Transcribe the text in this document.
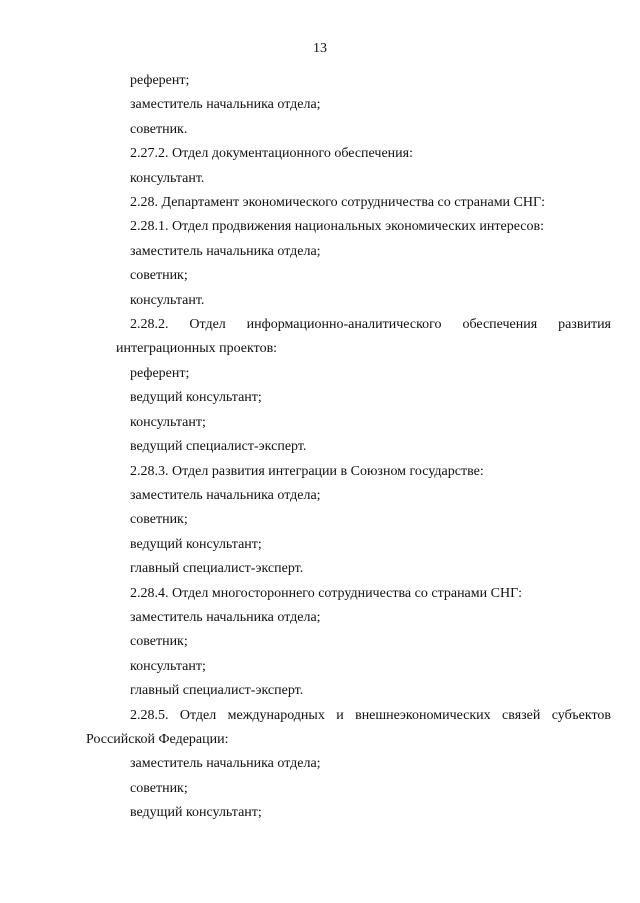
13
референт;
заместитель начальника отдела;
советник.
2.27.2. Отдел документационного обеспечения:
консультант.
2.28. Департамент экономического сотрудничества со странами СНГ:
2.28.1. Отдел продвижения национальных экономических интересов:
заместитель начальника отдела;
советник;
консультант.
2.28.2. Отдел информационно-аналитического обеспечения развития
интеграционных проектов:
референт;
ведущий консультант;
консультант;
ведущий специалист-эксперт.
2.28.3. Отдел развития интеграции в Союзном государстве:
заместитель начальника отдела;
советник;
ведущий консультант;
главный специалист-эксперт.
2.28.4. Отдел многостороннего сотрудничества со странами СНГ:
заместитель начальника отдела;
советник;
консультант;
главный специалист-эксперт.
2.28.5. Отдел международных и внешнеэкономических связей субъектов
Российской Федерации:
заместитель начальника отдела;
советник;
ведущий консультант;
